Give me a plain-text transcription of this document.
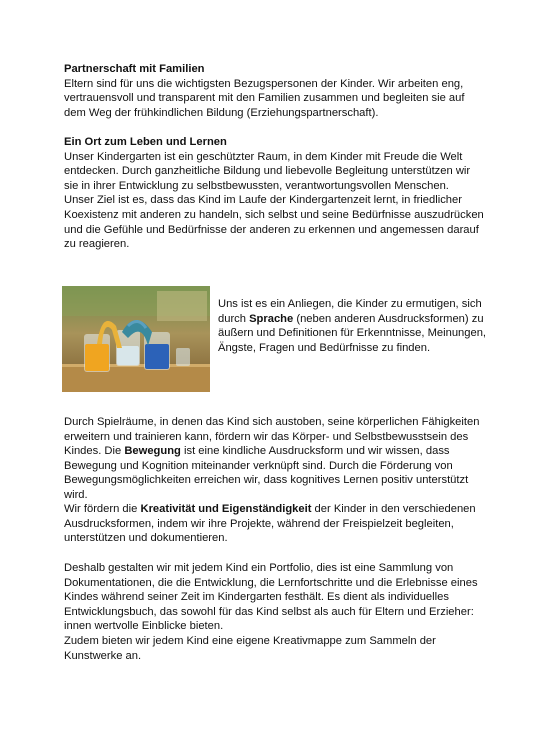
Partnerschaft mit Familien

Eltern sind für uns die wichtigsten Bezugspersonen der Kinder. Wir arbeiten eng, vertrauensvoll und transparent mit den Familien zusammen und begleiten sie auf dem Weg der frühkindlichen Bildung (Erziehungspartnerschaft).

Ein Ort zum Leben und Lernen

Unser Kindergarten ist ein geschützter Raum, in dem Kinder mit Freude die Welt entdecken. Durch ganzheitliche Bildung und liebevolle Begleitung unterstützen wir sie in ihrer Entwicklung zu selbstbewussten, verantwortungsvollen Menschen.

Unser Ziel ist es, dass das Kind im Laufe der Kindergartenzeit lernt, in friedlicher Koexistenz mit anderen zu handeln, sich selbst und seine Bedürfnisse auszudrücken und die Gefühle und Bedürfnisse der anderen zu erkennen und angemessen darauf zu reagieren.

Uns ist es ein Anliegen, die Kinder zu ermutigen, sich durch Sprache (neben anderen Ausdrucksformen) zu äußern und Definitionen für Erkenntnisse, Meinungen, Ängste, Fragen und Bedürfnisse zu finden.

Durch Spielräume, in denen das Kind sich austoben, seine körperlichen Fähigkeiten erweitern und trainieren kann, fördern wir das Körper- und Selbstbewusstsein des Kindes. Die Bewegung ist eine kindliche Ausdrucksform und wir wissen, dass Bewegung und Kognition miteinander verknüpft sind. Durch die Förderung von Bewegungsmöglichkeiten erreichen wir, dass kognitives Lernen positiv unterstützt wird.

Wir fördern die Kreativität und Eigenständigkeit der Kinder in den verschiedenen Ausdrucksformen, indem wir ihre Projekte, während der Freispielzeit begleiten, unterstützen und dokumentieren.

Deshalb gestalten wir mit jedem Kind ein Portfolio, dies ist eine Sammlung von Dokumentationen, die die Entwicklung, die Lernfortschritte und die Erlebnisse eines Kindes während seiner Zeit im Kindergarten festhält. Es dient als individuelles Entwicklungsbuch, das sowohl für das Kind selbst als auch für Eltern und Erzieher: innen wertvolle Einblicke bieten.

Zudem bieten wir jedem Kind eine eigene Kreativmappe zum Sammeln der Kunstwerke an.
